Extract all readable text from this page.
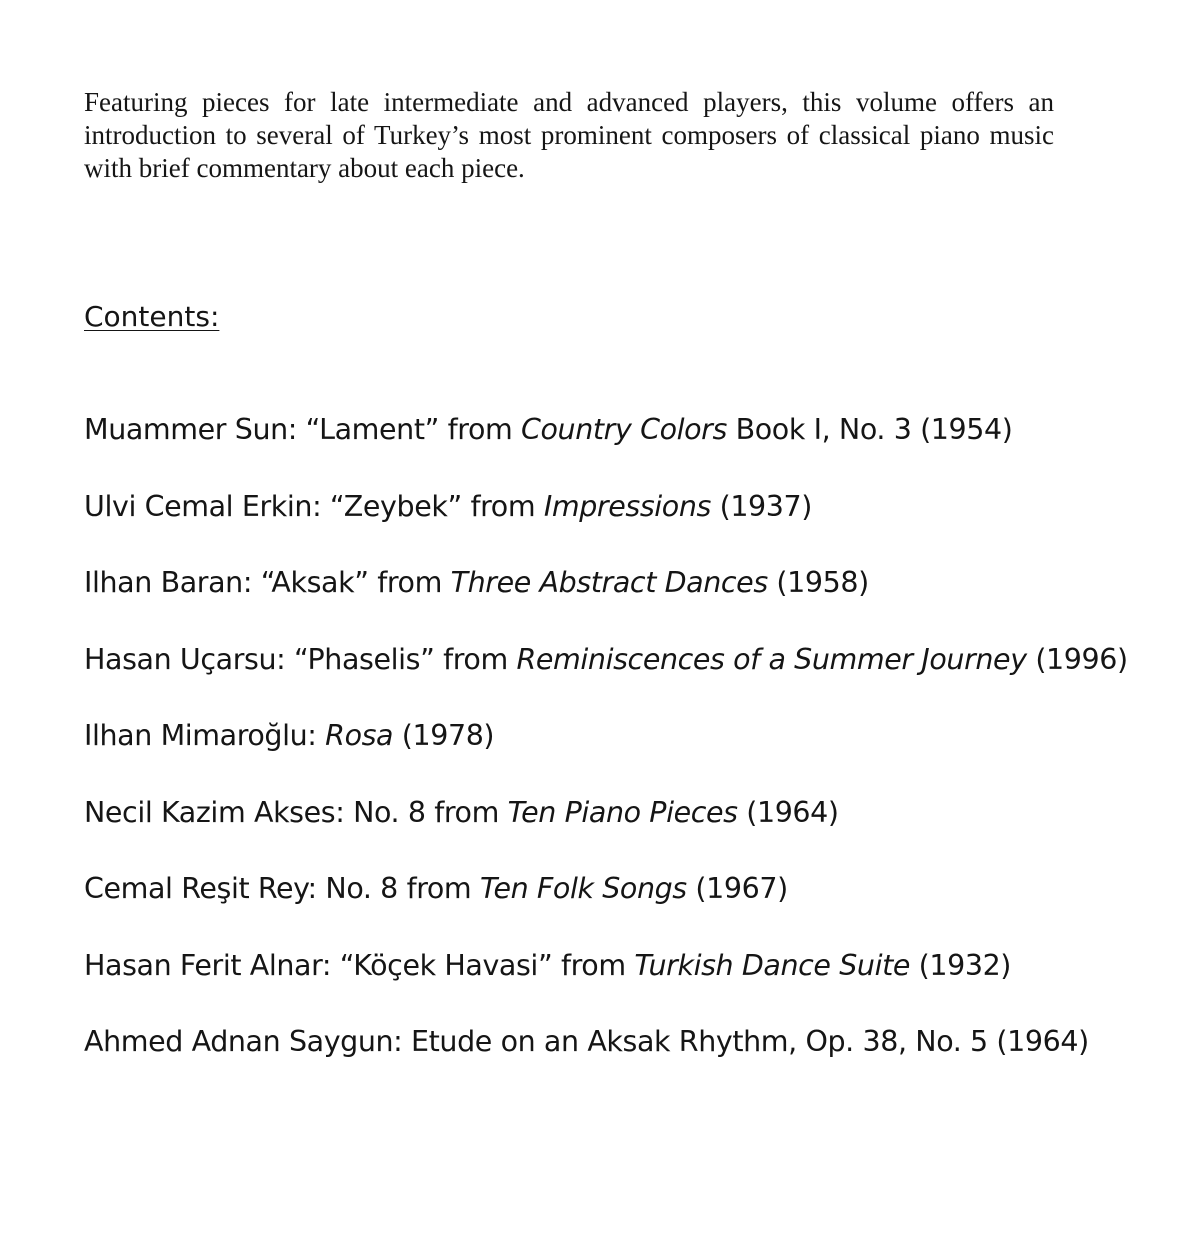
Featuring pieces for late intermediate and advanced players, this volume offers an introduction to several of Turkey’s most prominent composers of classical piano music with brief commentary about each piece.

Contents:
Muammer Sun: “Lament” from Country Colors Book I, No. 3 (1954)
Ulvi Cemal Erkin: “Zeybek” from Impressions (1937)
Ilhan Baran: “Aksak” from Three Abstract Dances (1958)
Hasan Uçarsu: “Phaselis” from Reminiscences of a Summer Journey (1996)
Ilhan Mimaroğlu: Rosa (1978)
Necil Kazim Akses: No. 8 from Ten Piano Pieces (1964)
Cemal Reşit Rey: No. 8 from Ten Folk Songs (1967)
Hasan Ferit Alnar: “Köçek Havasi” from Turkish Dance Suite (1932)
Ahmed Adnan Saygun: Etude on an Aksak Rhythm, Op. 38, No. 5 (1964)
